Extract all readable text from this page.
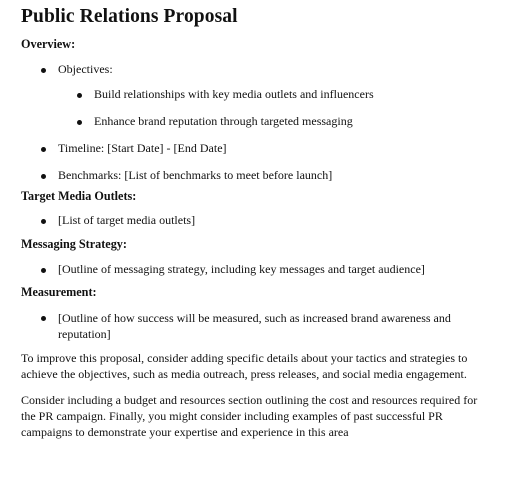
Public Relations Proposal
Overview:
Objectives:
Build relationships with key media outlets and influencers
Enhance brand reputation through targeted messaging
Timeline: [Start Date] - [End Date]
Benchmarks: [List of benchmarks to meet before launch]
Target Media Outlets:
[List of target media outlets]
Messaging Strategy:
[Outline of messaging strategy, including key messages and target audience]
Measurement:
[Outline of how success will be measured, such as increased brand awareness and reputation]

To improve this proposal, consider adding specific details about your tactics and strategies to achieve the objectives, such as media outreach, press releases, and social media engagement.

Consider including a budget and resources section outlining the cost and resources required for the PR campaign. Finally, you might consider including examples of past successful PR campaigns to demonstrate your expertise and experience in this area
